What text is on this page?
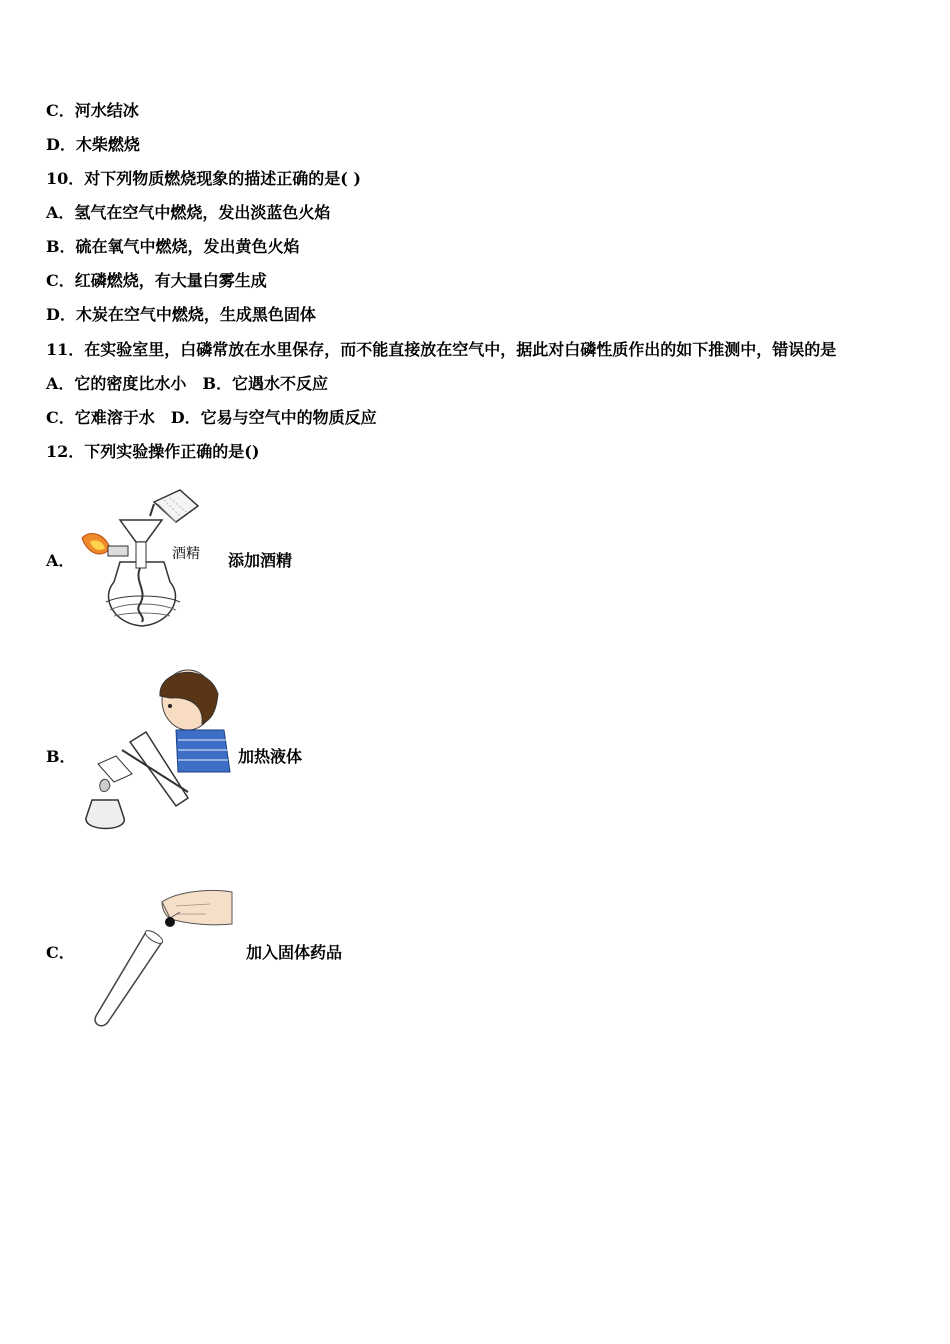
C．河水结冰
D．木柴燃烧
10．对下列物质燃烧现象的描述正确的是( )
A．氢气在空气中燃烧，发出淡蓝色火焰
B．硫在氧气中燃烧，发出黄色火焰
C．红磷燃烧，有大量白雾生成
D．木炭在空气中燃烧，生成黑色固体
11．在实验室里，白磷常放在水里保存，而不能直接放在空气中，据此对白磷性质作出的如下推测中，错误的是
A．它的密度比水小 B．它遇水不反应
C．它难溶于水 D．它易与空气中的物质反应
12．下列实验操作正确的是()
A．	酒精 添加酒精
B．	加热液体
C．	加入固体药品
